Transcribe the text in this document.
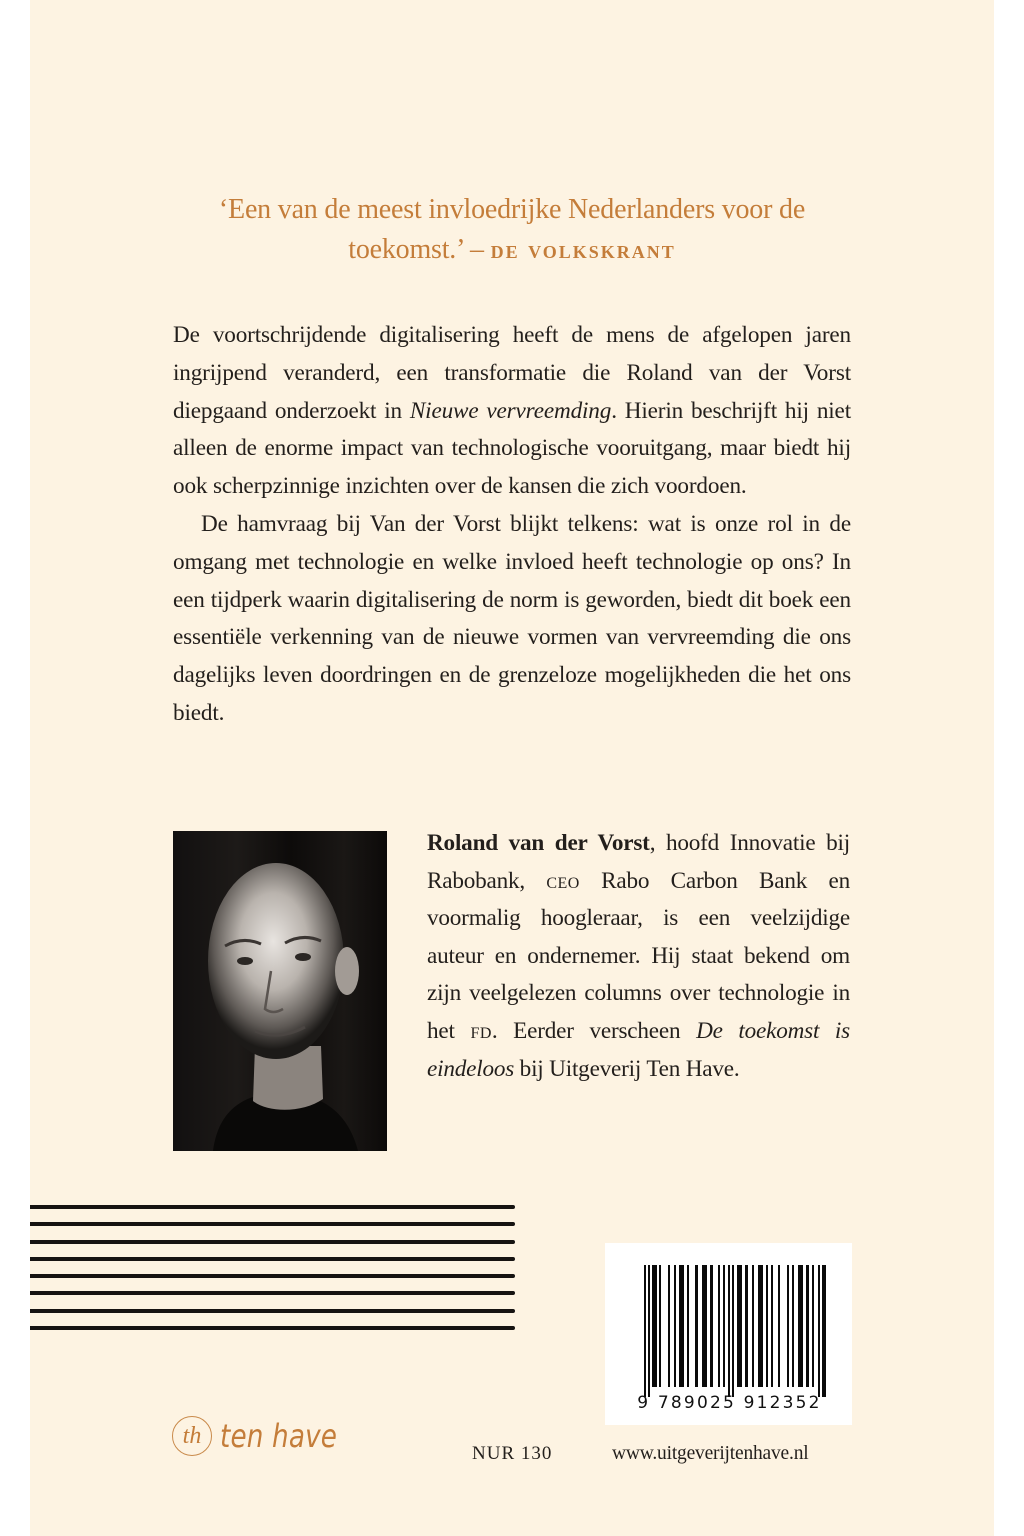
‘Een van de meest invloedrijke Nederlanders voor de toekomst.’ – de volkskrant

De voortschrijdende digitalisering heeft de mens de afgelopen jaren ingrijpend veranderd, een transformatie die Roland van der Vorst diepgaand onderzoekt in Nieuwe vervreemding. Hierin beschrijft hij niet alleen de enorme impact van technologische vooruitgang, maar biedt hij ook scherpzinnige inzichten over de kansen die zich voordoen.

De hamvraag bij Van der Vorst blijkt telkens: wat is onze rol in de omgang met technologie en welke invloed heeft technologie op ons? In een tijdperk waarin digitalisering de norm is geworden, biedt dit boek een essentiële verkenning van de nieuwe vormen van vervreemding die ons dagelijks leven doordringen en de grenzeloze mogelijkheden die het ons biedt.

Roland van der Vorst, hoofd Innovatie bij Rabobank, ceo Rabo Carbon Bank en voormalig hoogleraar, is een veelzijdige auteur en ondernemer. Hij staat bekend om zijn veelgelezen columns over technologie in het fd. Eerder verscheen De toekomst is eindeloos bij Uitgeverij Ten Have.

9 789025 912352
th ten have	NUR 130	www.uitgeverijtenhave.nl
